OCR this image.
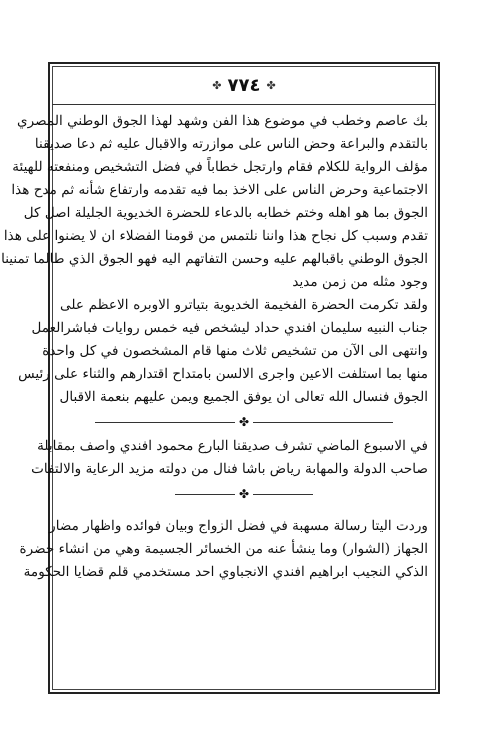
✤ ٧٧٤ ✤
بك عاصم وخطب في موضوع هذا الفن وشهد لهذا الجوق الوطني المصري
بالتقدم والبراعة وحض الناس على موازرته والاقبال عليه ثم دعا صديقنا
مؤلف الرواية للكلام فقام وارتجل خطاباً في فضل التشخيص ومنفعته للهيئة
الاجتماعية وحرض الناس على الاخذ بما فيه تقدمه وارتفاع شأنه ثم مدح هذا
الجوق بما هو اهله وختم خطابه بالدعاء للحضرة الخديوية الجليلة اصل كل
تقدم وسبب كل نجاح هذا واننا نلتمس من قومنا الفضلاء ان لا يضنوا على هذا
الجوق الوطني باقبالهم عليه وحسن التفاتهم اليه فهو الجوق الذي طالما تمنينا
وجود مثله من زمن مديد
ولقد تكرمت الحضرة الفخيمة الخديوية بتياترو الاوبره الاعظم على
جناب النبيه سليمان افندي حداد ليشخص فيه خمس روايات فباشرالعمل
وانتهى الى الآن من تشخيص ثلاث منها قام المشخصون في كل واحدة
منها بما استلفت الاعين واجرى الالسن بامتداح اقتدارهم والثناء على رئيس
الجوق فنسال الله تعالى ان يوفق الجميع ويمن عليهم بنعمة الاقبال
✤
في الاسبوع الماضي تشرف صديقنا البارع محمود افندي واصف بمقابلة
صاحب الدولة والمهابة رياض باشا فنال من دولته مزيد الرعاية والالتفات
✤
وردت اليتا رسالة مسهبة في فضل الزواج وبيان فوائده واظهار مضار
الجهاز (الشوار) وما ينشأ عنه من الخسائر الجسيمة وهي من انشاء حضرة
الذكي النجيب ابراهيم افندي الانجباوي احد مستخدمي قلم قضايا الحكومة
